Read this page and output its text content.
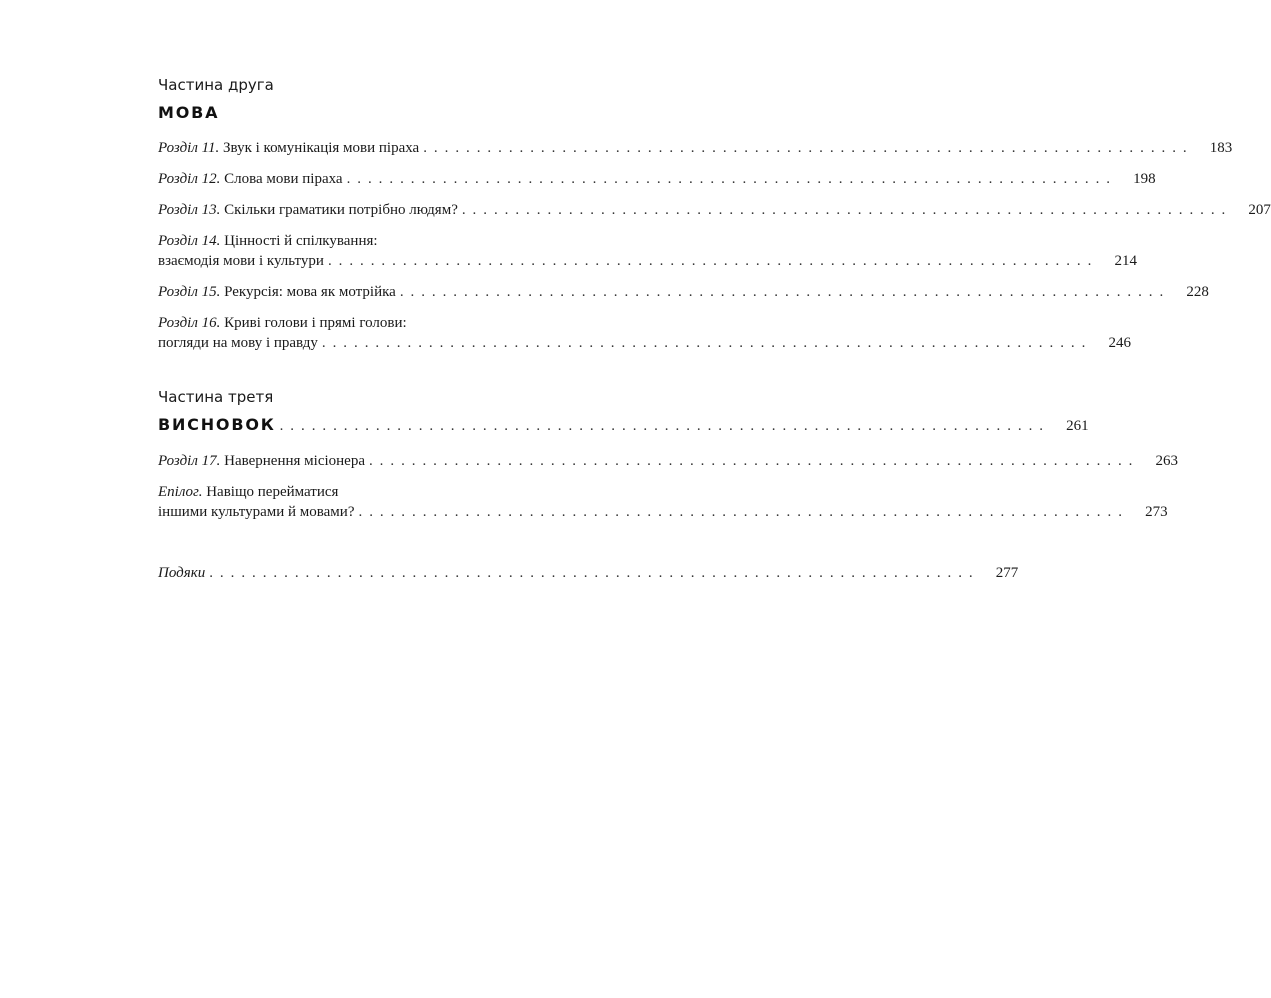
Частина друга
МОВА
Розділ 11. Звук і комунікація мови піраха . . . . . . . . . . . . . . . . . . . . . . . . . . . . . . . . . . . . . . . . . . . . . . . . . . . . . . . . . . . . . . . . . . . . . . . .	183
Розділ 12. Слова мови піраха . . . . . . . . . . . . . . . . . . . . . . . . . . . . . . . . . . . . . . . . . . . . . . . . . . . . . . . . . . . . . . . . . . . . . . . .	198
Розділ 13. Скільки граматики потрібно людям? . . . . . . . . . . . . . . . . . . . . . . . . . . . . . . . . . . . . . . . . . . . . . . . . . . . . . . . . . . . . . . . . . . . . . . . .	207
Розділ 14. Цінності й спілкування:
взаємодія мови і культури . . . . . . . . . . . . . . . . . . . . . . . . . . . . . . . . . . . . . . . . . . . . . . . . . . . . . . . . . . . . . . . . . . . . . . . .	214
Розділ 15. Рекурсія: мова як мотрійка . . . . . . . . . . . . . . . . . . . . . . . . . . . . . . . . . . . . . . . . . . . . . . . . . . . . . . . . . . . . . . . . . . . . . . . .	228
Розділ 16. Криві голови і прямі голови:
погляди на мову і правду . . . . . . . . . . . . . . . . . . . . . . . . . . . . . . . . . . . . . . . . . . . . . . . . . . . . . . . . . . . . . . . . . . . . . . . .	246
Частина третя
ВИСНОВОК . . . . . . . . . . . . . . . . . . . . . . . . . . . . . . . . . . . . . . . . . . . . . . . . . . . . . . . . . . . . . . . . . . . . . . . .	261
Розділ 17. Навернення місіонера . . . . . . . . . . . . . . . . . . . . . . . . . . . . . . . . . . . . . . . . . . . . . . . . . . . . . . . . . . . . . . . . . . . . . . . .	263
Епілог. Навіщо перейматися
іншими культурами й мовами? . . . . . . . . . . . . . . . . . . . . . . . . . . . . . . . . . . . . . . . . . . . . . . . . . . . . . . . . . . . . . . . . . . . . . . . .	273
Подяки . . . . . . . . . . . . . . . . . . . . . . . . . . . . . . . . . . . . . . . . . . . . . . . . . . . . . . . . . . . . . . . . . . . . . . . .	277
